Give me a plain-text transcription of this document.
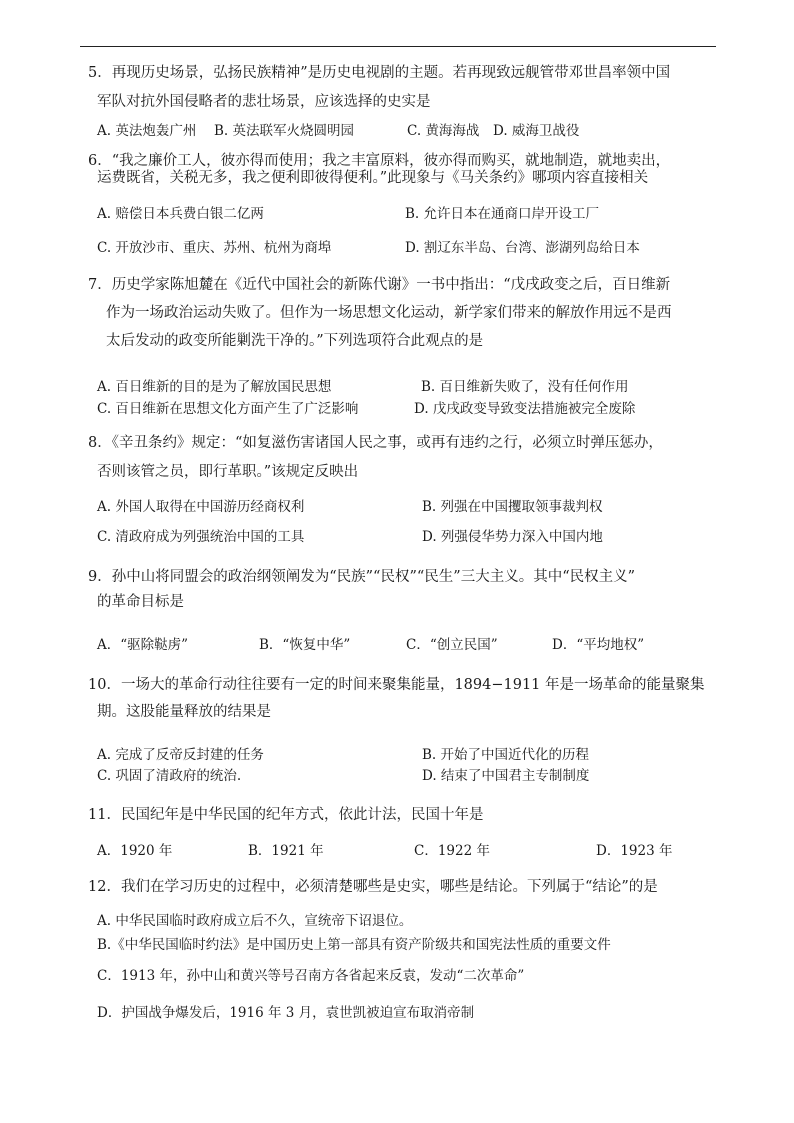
5．再现历史场景，弘扬民族精神”是历史电视剧的主题。若再现致远舰管带邓世昌率领中国
军队对抗外国侵略者的悲壮场景，应该选择的史实是
A. 英法炮轰广州 B. 英法联军火烧圆明园	C. 黄海海战 D. 威海卫战役
6．“我之廉价工人，彼亦得而使用；我之丰富原料，彼亦得而购买，就地制造，就地卖出，
运费既省，关税无多，我之便利即彼得便利。”此现象与《马关条约》哪项内容直接相关
A. 赔偿日本兵费白银二亿两	B. 允许日本在通商口岸开设工厂
C. 开放沙市、重庆、苏州、杭州为商埠	D. 割辽东半岛、台湾、澎湖列岛给日本
7．历史学家陈旭麓在《近代中国社会的新陈代谢》一书中指出：“戊戌政变之后，百日维新
作为一场政治运动失败了。但作为一场思想文化运动，新学家们带来的解放作用远不是西
太后发动的政变所能剿洗干净的。”下列选项符合此观点的是
A. 百日维新的目的是为了解放国民思想	B. 百日维新失败了，没有任何作用
C. 百日维新在思想文化方面产生了广泛影响	D. 戊戌政变导致变法措施被完全废除
8．《辛丑条约》规定：“如复滋伤害诸国人民之事，或再有违约之行，必须立时弹压惩办，
否则该管之员，即行革职。”该规定反映出
A. 外国人取得在中国游历经商权利	B. 列强在中国攫取领事裁判权
C. 清政府成为列强统治中国的工具	D. 列强侵华势力深入中国内地
9．孙中山将同盟会的政治纲领阐发为“民族”“民权”“民生”三大主义。其中“民权主义”
的革命目标是
A．“驱除鞑虏”	B．“恢复中华”	C．“创立民国”	D．“平均地权”
10．一场大的革命行动往往要有一定的时间来聚集能量，1894−1911 年是一场革命的能量聚集
期。这股能量释放的结果是
A. 完成了反帝反封建的任务	B. 开始了中国近代化的历程
C. 巩固了清政府的统治.	D. 结束了中国君主专制制度
11．民国纪年是中华民国的纪年方式，依此计法，民国十年是
A．1920 年	B．1921 年	C．1922 年	D．1923 年
12．我们在学习历史的过程中，必须清楚哪些是史实，哪些是结论。下列属于“结论”的是
A. 中华民国临时政府成立后不久，宣统帝下诏退位。
B.《中华民国临时约法》是中国历史上第一部具有资产阶级共和国宪法性质的重要文件
C．1913 年，孙中山和黄兴等号召南方各省起来反袁，发动“二次革命”
D．护国战争爆发后，1916 年 3 月，袁世凯被迫宣布取消帝制
